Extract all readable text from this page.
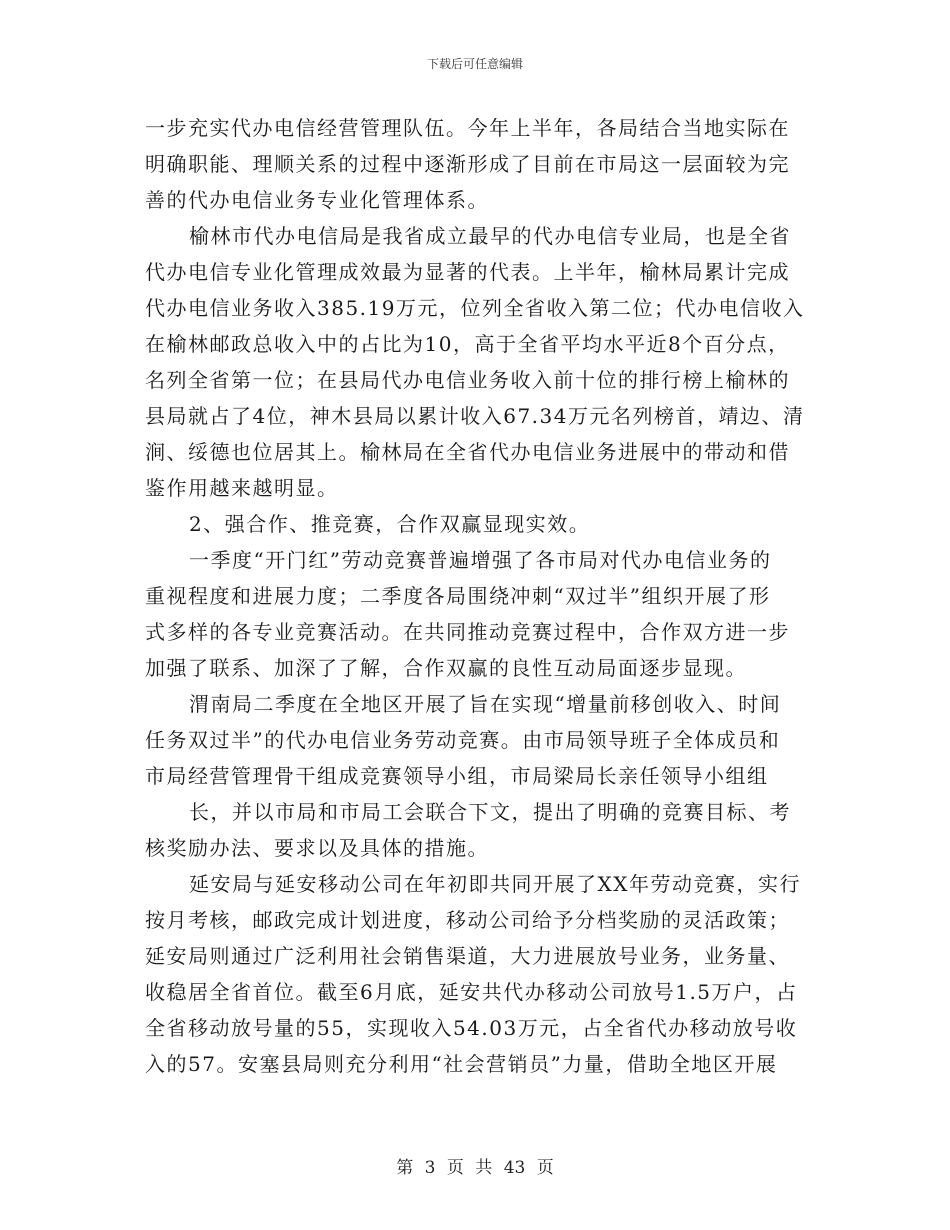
下载后可任意编辑
一步充实代办电信经营管理队伍。今年上半年，各局结合当地实际在
明确职能、理顺关系的过程中逐渐形成了目前在市局这一层面较为完
善的代办电信业务专业化管理体系。
榆林市代办电信局是我省成立最早的代办电信专业局，也是全省
代办电信专业化管理成效最为显著的代表。上半年，榆林局累计完成
代办电信业务收入385.19万元，位列全省收入第二位；代办电信收入
在榆林邮政总收入中的占比为10，高于全省平均水平近8个百分点，
名列全省第一位；在县局代办电信业务收入前十位的排行榜上榆林的
县局就占了4位，神木县局以累计收入67.34万元名列榜首，靖边、清
涧、绥德也位居其上。榆林局在全省代办电信业务进展中的带动和借
鉴作用越来越明显。
2、强合作、推竞赛，合作双赢显现实效。
一季度“开门红”劳动竞赛普遍增强了各市局对代办电信业务的
重视程度和进展力度；二季度各局围绕冲刺“双过半”组织开展了形
式多样的各专业竞赛活动。在共同推动竞赛过程中，合作双方进一步
加强了联系、加深了了解，合作双赢的良性互动局面逐步显现。
渭南局二季度在全地区开展了旨在实现“增量前移创收入、时间
任务双过半”的代办电信业务劳动竞赛。由市局领导班子全体成员和
市局经营管理骨干组成竞赛领导小组，市局梁局长亲任领导小组组
长，并以市局和市局工会联合下文，提出了明确的竞赛目标、考
核奖励办法、要求以及具体的措施。
延安局与延安移动公司在年初即共同开展了XX年劳动竞赛，实行
按月考核，邮政完成计划进度，移动公司给予分档奖励的灵活政策；
延安局则通过广泛利用社会销售渠道，大力进展放号业务，业务量、
收稳居全省首位。截至6月底，延安共代办移动公司放号1.5万户，占
全省移动放号量的55，实现收入54.03万元，占全省代办移动放号收
入的57。安塞县局则充分利用“社会营销员”力量，借助全地区开展
第 3 页 共 43 页
